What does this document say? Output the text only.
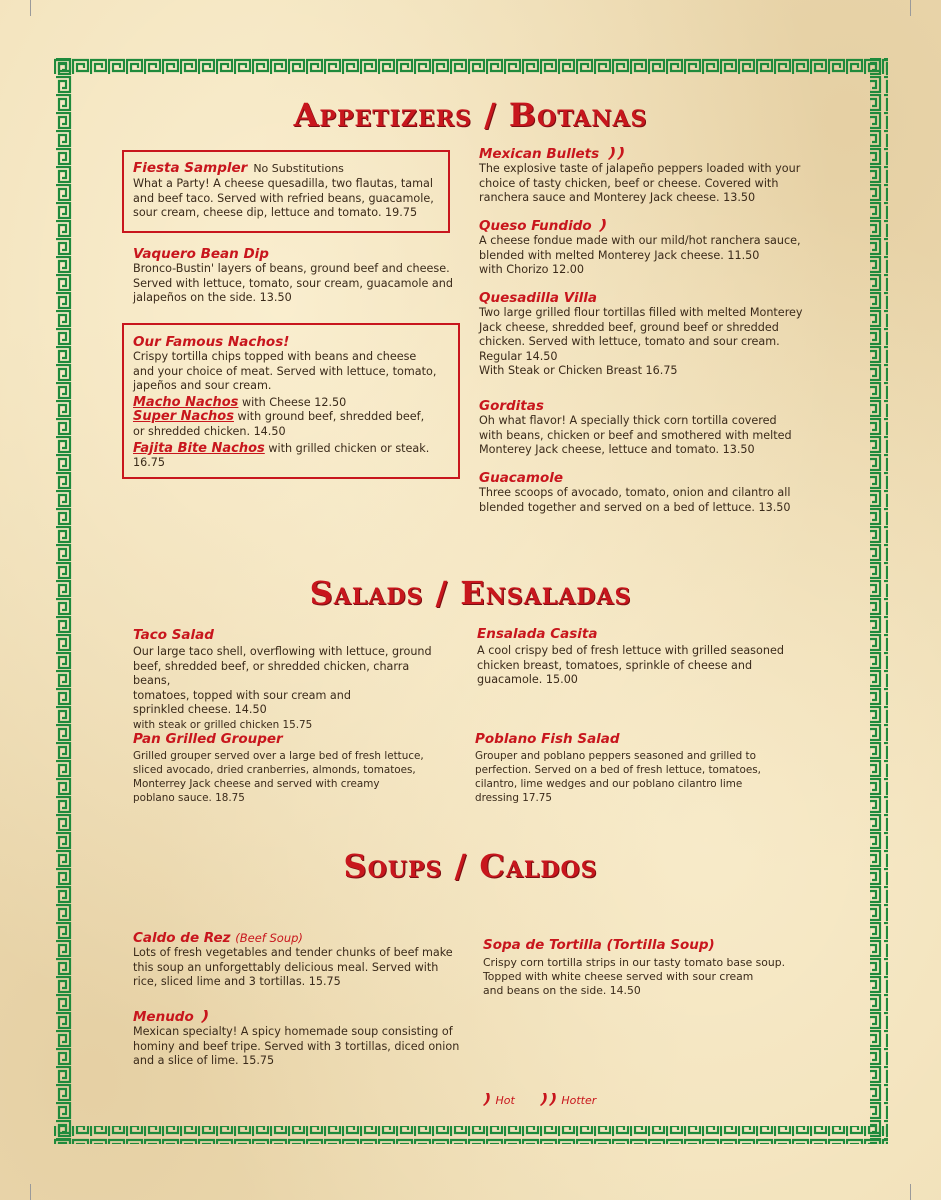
Appetizers / Botanas
Salads / Ensaladas
Soups / Caldos
Fiesta Sampler No Substitutions
What a Party! A cheese quesadilla, two flautas, tamal
and beef taco. Served with refried beans, guacamole,
sour cream, cheese dip, lettuce and tomato. 19.75
Vaquero Bean Dip
Bronco-Bustin' layers of beans, ground beef and cheese.
Served with lettuce, tomato, sour cream, guacamole and
jalapeños on the side. 13.50
Our Famous Nachos!
Crispy tortilla chips topped with beans and cheese
and your choice of meat. Served with lettuce, tomato,
japeños and sour cream.
Macho Nachos with Cheese 12.50
Super Nachos with ground beef, shredded beef,
or shredded chicken. 14.50
Fajita Bite Nachos with grilled chicken or steak. 16.75
Mexican Bullets
The explosive taste of jalapeño peppers loaded with your
choice of tasty chicken, beef or cheese. Covered with
ranchera sauce and Monterey Jack cheese. 13.50
Queso Fundido
A cheese fondue made with our mild/hot ranchera sauce,
blended with melted Monterey Jack cheese. 11.50
with Chorizo 12.00
Quesadilla Villa
Two large grilled flour tortillas filled with melted Monterey
Jack cheese, shredded beef, ground beef or shredded
chicken. Served with lettuce, tomato and sour cream.
Regular 14.50
With Steak or Chicken Breast 16.75
Gorditas
Oh what flavor! A specially thick corn tortilla covered
with beans, chicken or beef and smothered with melted
Monterey Jack cheese, lettuce and tomato. 13.50
Guacamole
Three scoops of avocado, tomato, onion and cilantro all
blended together and served on a bed of lettuce. 13.50
Taco Salad
Our large taco shell, overflowing with lettuce, ground
beef, shredded beef, or shredded chicken, charra beans,
tomatoes, topped with sour cream and
sprinkled cheese. 14.50
with steak or grilled chicken 15.75
Ensalada Casita
A cool crispy bed of fresh lettuce with grilled seasoned
chicken breast, tomatoes, sprinkle of cheese and
guacamole. 15.00
Pan Grilled Grouper
Grilled grouper served over a large bed of fresh lettuce,
sliced avocado, dried cranberries, almonds, tomatoes,
Monterrey Jack cheese and served with creamy
poblano sauce. 18.75
Poblano Fish Salad
Grouper and poblano peppers seasoned and grilled to
perfection. Served on a bed of fresh lettuce, tomatoes,
cilantro, lime wedges and our poblano cilantro lime
dressing 17.75
Caldo de Rez (Beef Soup)
Lots of fresh vegetables and tender chunks of beef make
this soup an unforgettably delicious meal. Served with
rice, sliced lime and 3 tortillas. 15.75
Menudo
Mexican specialty! A spicy homemade soup consisting of
hominy and beef tripe. Served with 3 tortillas, diced onion
and a slice of lime. 15.75
Sopa de Tortilla (Tortilla Soup)
Crispy corn tortilla strips in our tasty tomato base soup.
Topped with white cheese served with sour cream
and beans on the side. 14.50
Hot	Hotter
